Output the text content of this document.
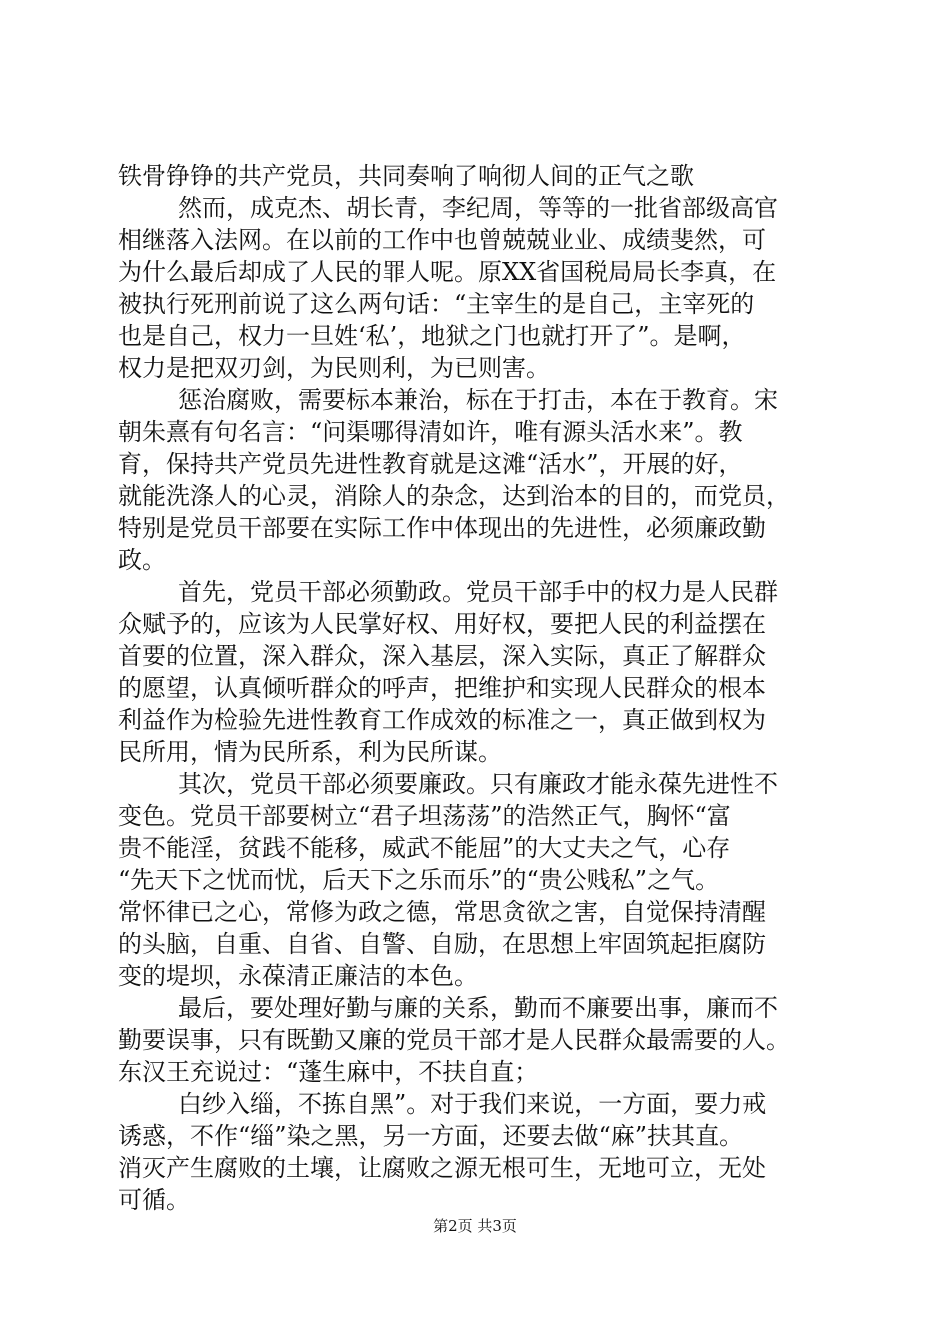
铁骨铮铮的共产党员，共同奏响了响彻人间的正气之歌
然而，成克杰、胡长青，李纪周，等等的一批省部级高官
相继落入法网。在以前的工作中也曾兢兢业业、成绩斐然，可
为什么最后却成了人民的罪人呢。原XX省国税局局长李真，在
被执行死刑前说了这么两句话：“主宰生的是自己，主宰死的
也是自己，权力一旦姓‘私’，地狱之门也就打开了”。是啊，
权力是把双刃剑，为民则利，为已则害。
惩治腐败，需要标本兼治，标在于打击，本在于教育。宋
朝朱熹有句名言：“问渠哪得清如许，唯有源头活水来”。教
育，保持共产党员先进性教育就是这滩“活水”，开展的好，
就能洗涤人的心灵，消除人的杂念，达到治本的目的，而党员，
特别是党员干部要在实际工作中体现出的先进性，必须廉政勤
政。
首先，党员干部必须勤政。党员干部手中的权力是人民群
众赋予的，应该为人民掌好权、用好权，要把人民的利益摆在
首要的位置，深入群众，深入基层，深入实际，真正了解群众
的愿望，认真倾听群众的呼声，把维护和实现人民群众的根本
利益作为检验先进性教育工作成效的标准之一，真正做到权为
民所用，情为民所系，利为民所谋。
其次，党员干部必须要廉政。只有廉政才能永葆先进性不
变色。党员干部要树立“君子坦荡荡”的浩然正气，胸怀“富
贵不能淫，贫践不能移，威武不能屈”的大丈夫之气，心存
“先天下之忧而忧，后天下之乐而乐”的“贵公贱私”之气。
常怀律已之心，常修为政之德，常思贪欲之害，自觉保持清醒
的头脑，自重、自省、自警、自励，在思想上牢固筑起拒腐防
变的堤坝，永葆清正廉洁的本色。
最后，要处理好勤与廉的关系，勤而不廉要出事，廉而不
勤要误事，只有既勤又廉的党员干部才是人民群众最需要的人。
东汉王充说过：“蓬生麻中，不扶自直；
白纱入缁，不拣自黑”。对于我们来说，一方面，要力戒
诱惑，不作“缁”染之黑，另一方面，还要去做“麻”扶其直。
消灭产生腐败的土壤，让腐败之源无根可生，无地可立，无处
可循。
第2页 共3页
